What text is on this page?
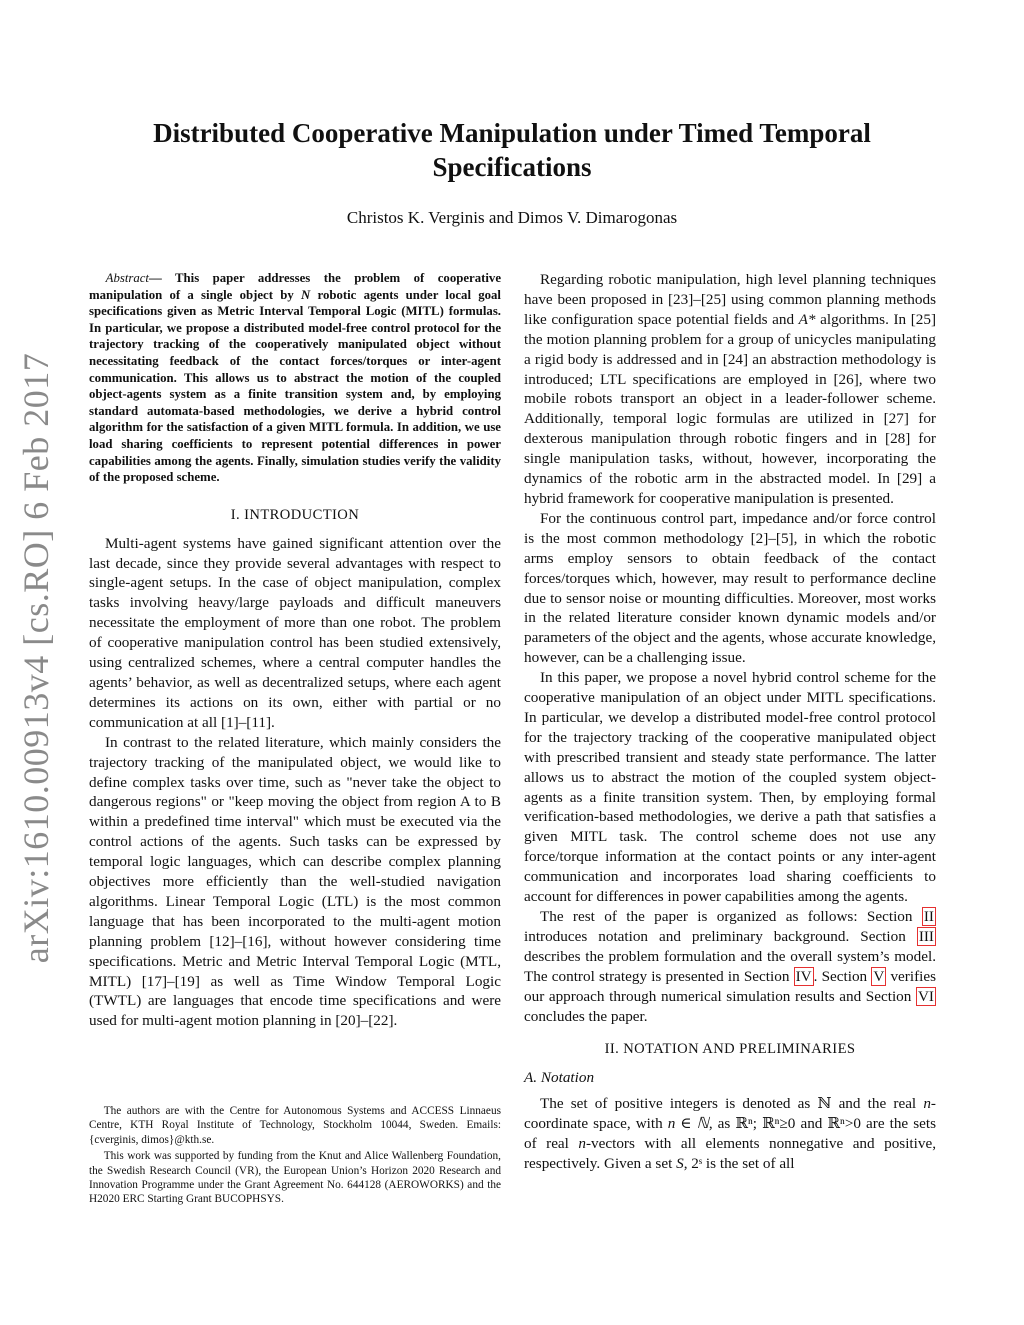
arXiv:1610.00913v4 [cs.RO] 6 Feb 2017
Distributed Cooperative Manipulation under Timed Temporal Specifications
Christos K. Verginis and Dimos V. Dimarogonas

Abstract— This paper addresses the problem of cooperative manipulation of a single object by N robotic agents under local goal specifications given as Metric Interval Temporal Logic (MITL) formulas. In particular, we propose a distributed model-free control protocol for the trajectory tracking of the cooperatively manipulated object without necessitating feedback of the contact forces/torques or inter-agent communication. This allows us to abstract the motion of the coupled object-agents system as a finite transition system and, by employing standard automata-based methodologies, we derive a hybrid control algorithm for the satisfaction of a given MITL formula. In addition, we use load sharing coefficients to represent potential differences in power capabilities among the agents. Finally, simulation studies verify the validity of the proposed scheme.

I. INTRODUCTION

Multi-agent systems have gained significant attention over the last decade, since they provide several advantages with respect to single-agent setups. In the case of object manipulation, complex tasks involving heavy/large payloads and difficult maneuvers necessitate the employment of more than one robot. The problem of cooperative manipulation control has been studied extensively, using centralized schemes, where a central computer handles the agents’ behavior, as well as decentralized setups, where each agent determines its actions on its own, either with partial or no communication at all [1]–[11].

In contrast to the related literature, which mainly considers the trajectory tracking of the manipulated object, we would like to define complex tasks over time, such as "never take the object to dangerous regions" or "keep moving the object from region A to B within a predefined time interval" which must be executed via the control actions of the agents. Such tasks can be expressed by temporal logic languages, which can describe complex planning objectives more efficiently than the well-studied navigation algorithms. Linear Temporal Logic (LTL) is the most common language that has been incorporated to the multi-agent motion planning problem [12]–[16], without however considering time specifications. Metric and Metric Interval Temporal Logic (MTL, MITL) [17]–[19] as well as Time Window Temporal Logic (TWTL) are languages that encode time specifications and were used for multi-agent motion planning in [20]–[22].

The authors are with the Centre for Autonomous Systems and ACCESS Linnaeus Centre, KTH Royal Institute of Technology, Stockholm 10044, Sweden. Emails: {cverginis, dimos}@kth.se.

This work was supported by funding from the Knut and Alice Wallenberg Foundation, the Swedish Research Council (VR), the European Union’s Horizon 2020 Research and Innovation Programme under the Grant Agreement No. 644128 (AEROWORKS) and the H2020 ERC Starting Grant BUCOPHSYS.

Regarding robotic manipulation, high level planning techniques have been proposed in [23]–[25] using common planning methods like configuration space potential fields and A* algorithms. In [25] the motion planning problem for a group of unicycles manipulating a rigid body is addressed and in [24] an abstraction methodology is introduced; LTL specifications are employed in [26], where two mobile robots transport an object in a leader-follower scheme. Additionally, temporal logic formulas are utilized in [27] for dexterous manipulation through robotic fingers and in [28] for single manipulation tasks, without, however, incorporating the dynamics of the robotic arm in the abstracted model. In [29] a hybrid framework for cooperative manipulation is presented.

For the continuous control part, impedance and/or force control is the most common methodology [2]–[5], in which the robotic arms employ sensors to obtain feedback of the contact forces/torques which, however, may result to performance decline due to sensor noise or mounting difficulties. Moreover, most works in the related literature consider known dynamic models and/or parameters of the object and the agents, whose accurate knowledge, however, can be a challenging issue.

In this paper, we propose a novel hybrid control scheme for the cooperative manipulation of an object under MITL specifications. In particular, we develop a distributed model-free control protocol for the trajectory tracking of the cooperative manipulated object with prescribed transient and steady state performance. The latter allows us to abstract the motion of the coupled system object-agents as a finite transition system. Then, by employing formal verification-based methodologies, we derive a path that satisfies a given MITL task. The control scheme does not use any force/torque information at the contact points or any inter-agent communication and incorporates load sharing coefficients to account for differences in power capabilities among the agents.

The rest of the paper is organized as follows: Section II introduces notation and preliminary background. Section III describes the problem formulation and the overall system’s model. The control strategy is presented in Section IV . Section V verifies our approach through numerical simulation results and Section VI concludes the paper.

II. NOTATION AND PRELIMINARIES
A. Notation

The set of positive integers is denoted as ℕ and the real n-coordinate space, with n ∈ ℕ, as ℝⁿ; ℝⁿ≥0 and ℝⁿ>0 are the sets of real n-vectors with all elements nonnegative and positive, respectively. Given a set S, 2ˢ is the set of all
